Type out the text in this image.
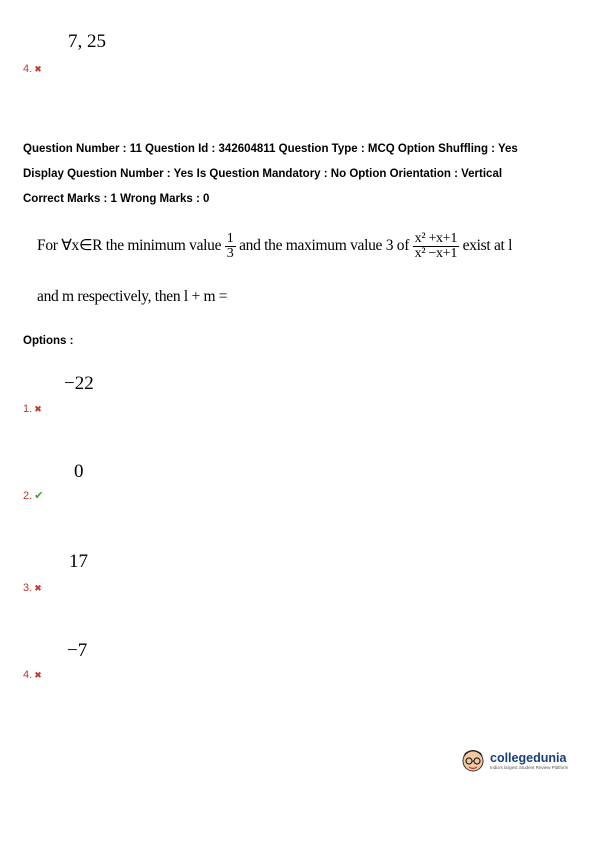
7, 25
4. ✖
Question Number : 11 Question Id : 342604811 Question Type : MCQ Option Shuffling : Yes
Display Question Number : Yes Is Question Mandatory : No Option Orientation : Vertical
Correct Marks : 1 Wrong Marks : 0
For ∀x∈R the minimum value $\frac{1}{3}$ and the maximum value 3 of $\frac{\text{x² +x+1}}{\text{x² −x+1}}$ exist at l
and m respectively, then l + m =
Options :
−22
1. ✖
0
2. ✔
17
3. ✖
−7
4. ✖
collegedunia
India's largest Student Review Platform
